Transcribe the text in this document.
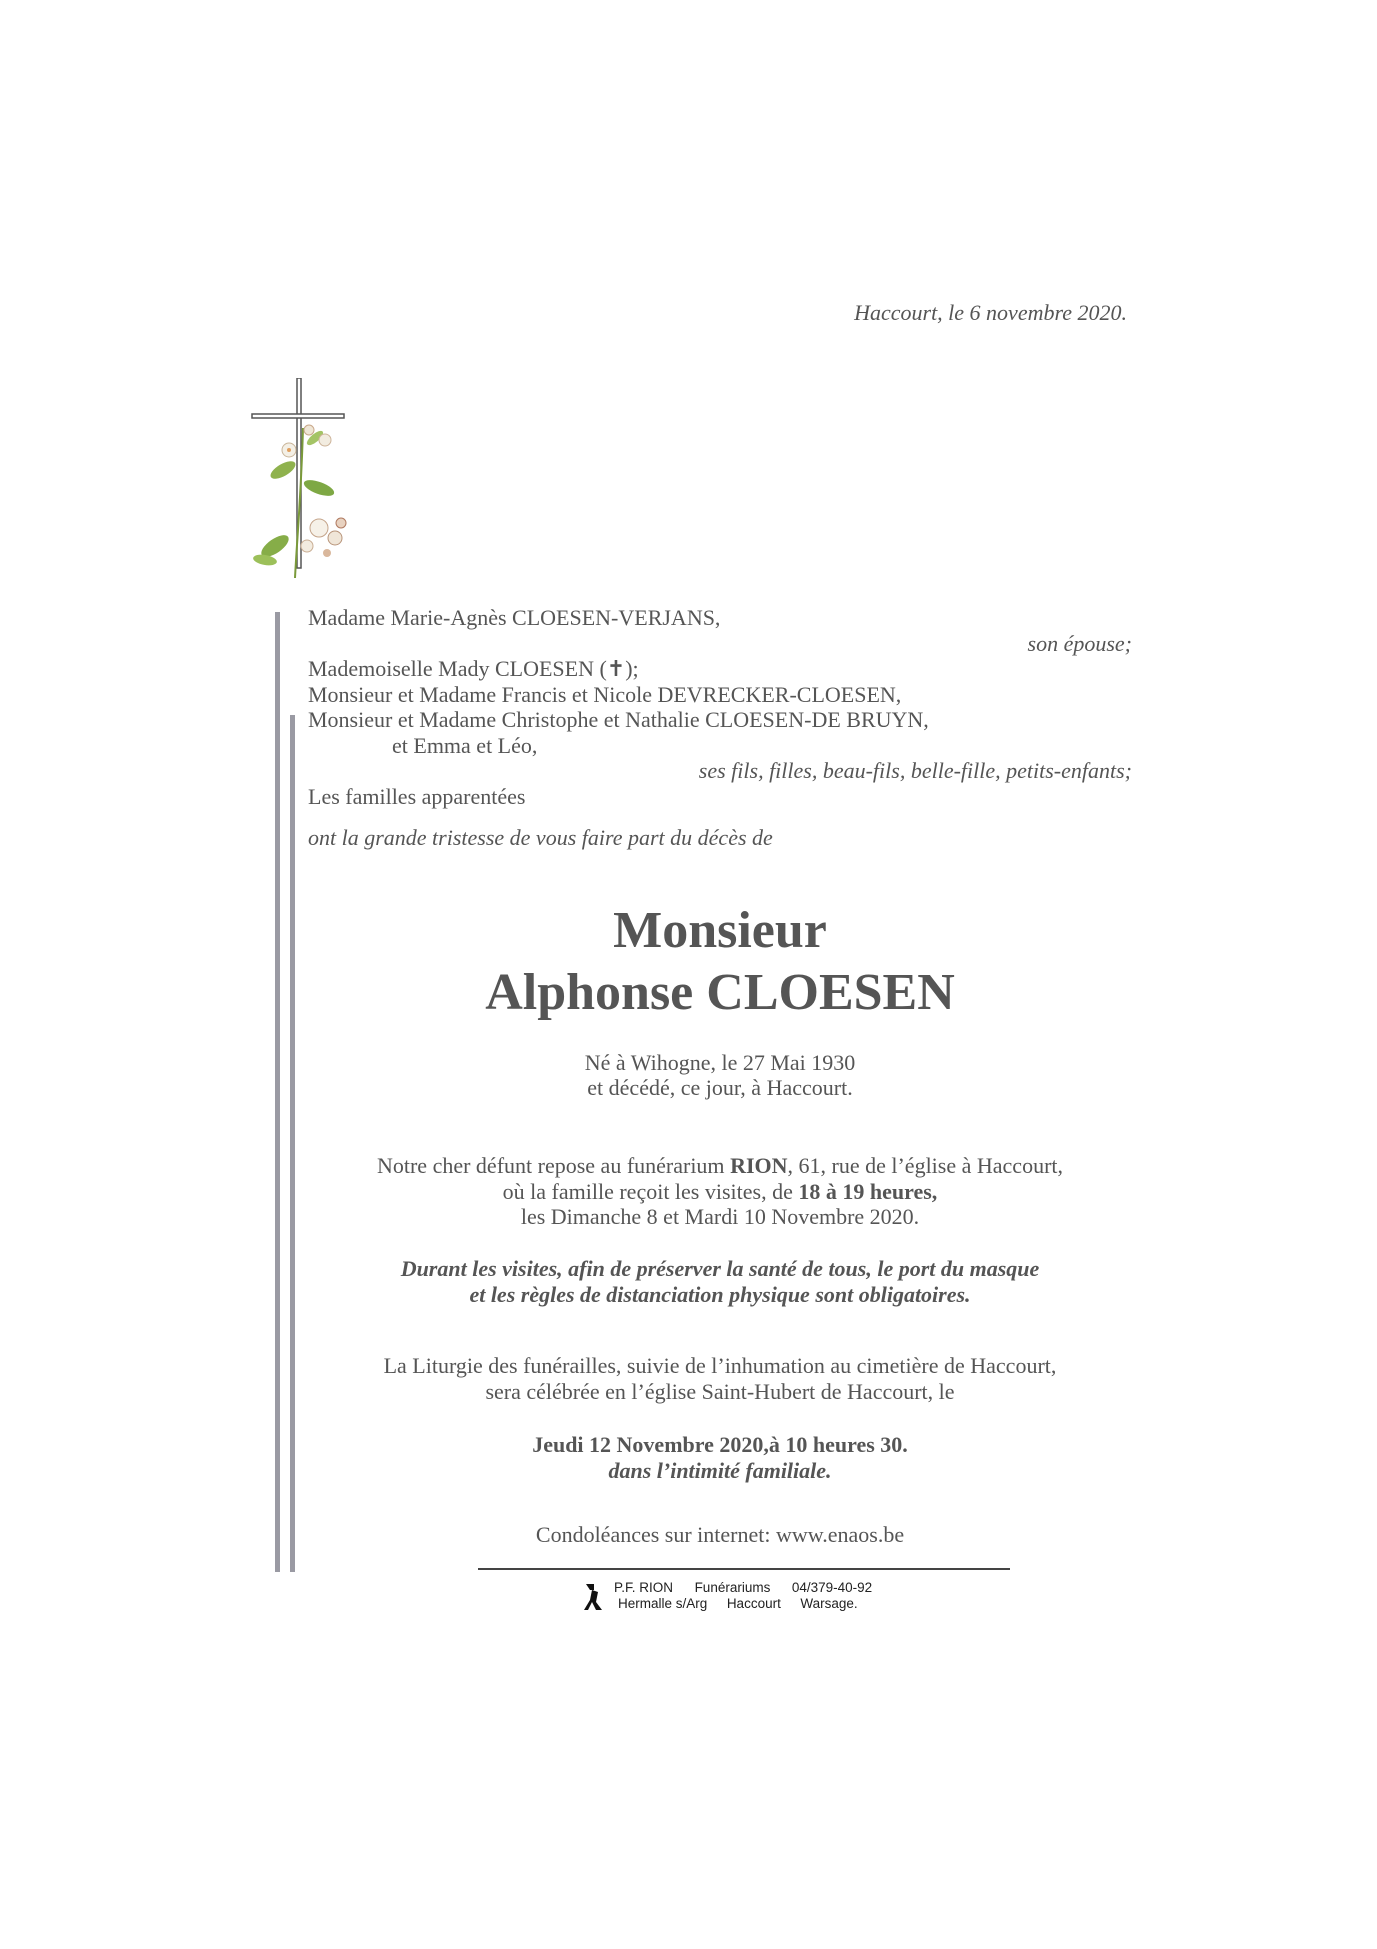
Haccourt, le 6 novembre 2020.
Madame Marie-Agnès CLOESEN-VERJANS,
son épouse;
Mademoiselle Mady CLOESEN (✝);
Monsieur et Madame Francis et Nicole DEVRECKER-CLOESEN,
Monsieur et Madame Christophe et Nathalie CLOESEN-DE BRUYN,
et Emma et Léo,
ses fils, filles, beau-fils, belle-fille, petits-enfants;
Les familles apparentées
ont la grande tristesse de vous faire part du décès de
Monsieur
Alphonse CLOESEN
Né à Wihogne, le 27 Mai 1930
et décédé, ce jour, à Haccourt.
Notre cher défunt repose au funérarium RION, 61, rue de l’église à Haccourt,
où la famille reçoit les visites, de 18 à 19 heures,
les Dimanche 8 et Mardi 10 Novembre 2020.
Durant les visites, afin de préserver la santé de tous, le port du masque
et les règles de distanciation physique sont obligatoires.
La Liturgie des funérailles, suivie de l’inhumation au cimetière de Haccourt,
sera célébrée en l’église Saint-Hubert de Haccourt, le
Jeudi 12 Novembre 2020,à 10 heures 30.
dans l’intimité familiale.
Condoléances sur internet: www.enaos.be
P.F. RION Funérariums 04/379-40-92
Hermalle s/Arg Haccourt Warsage.
